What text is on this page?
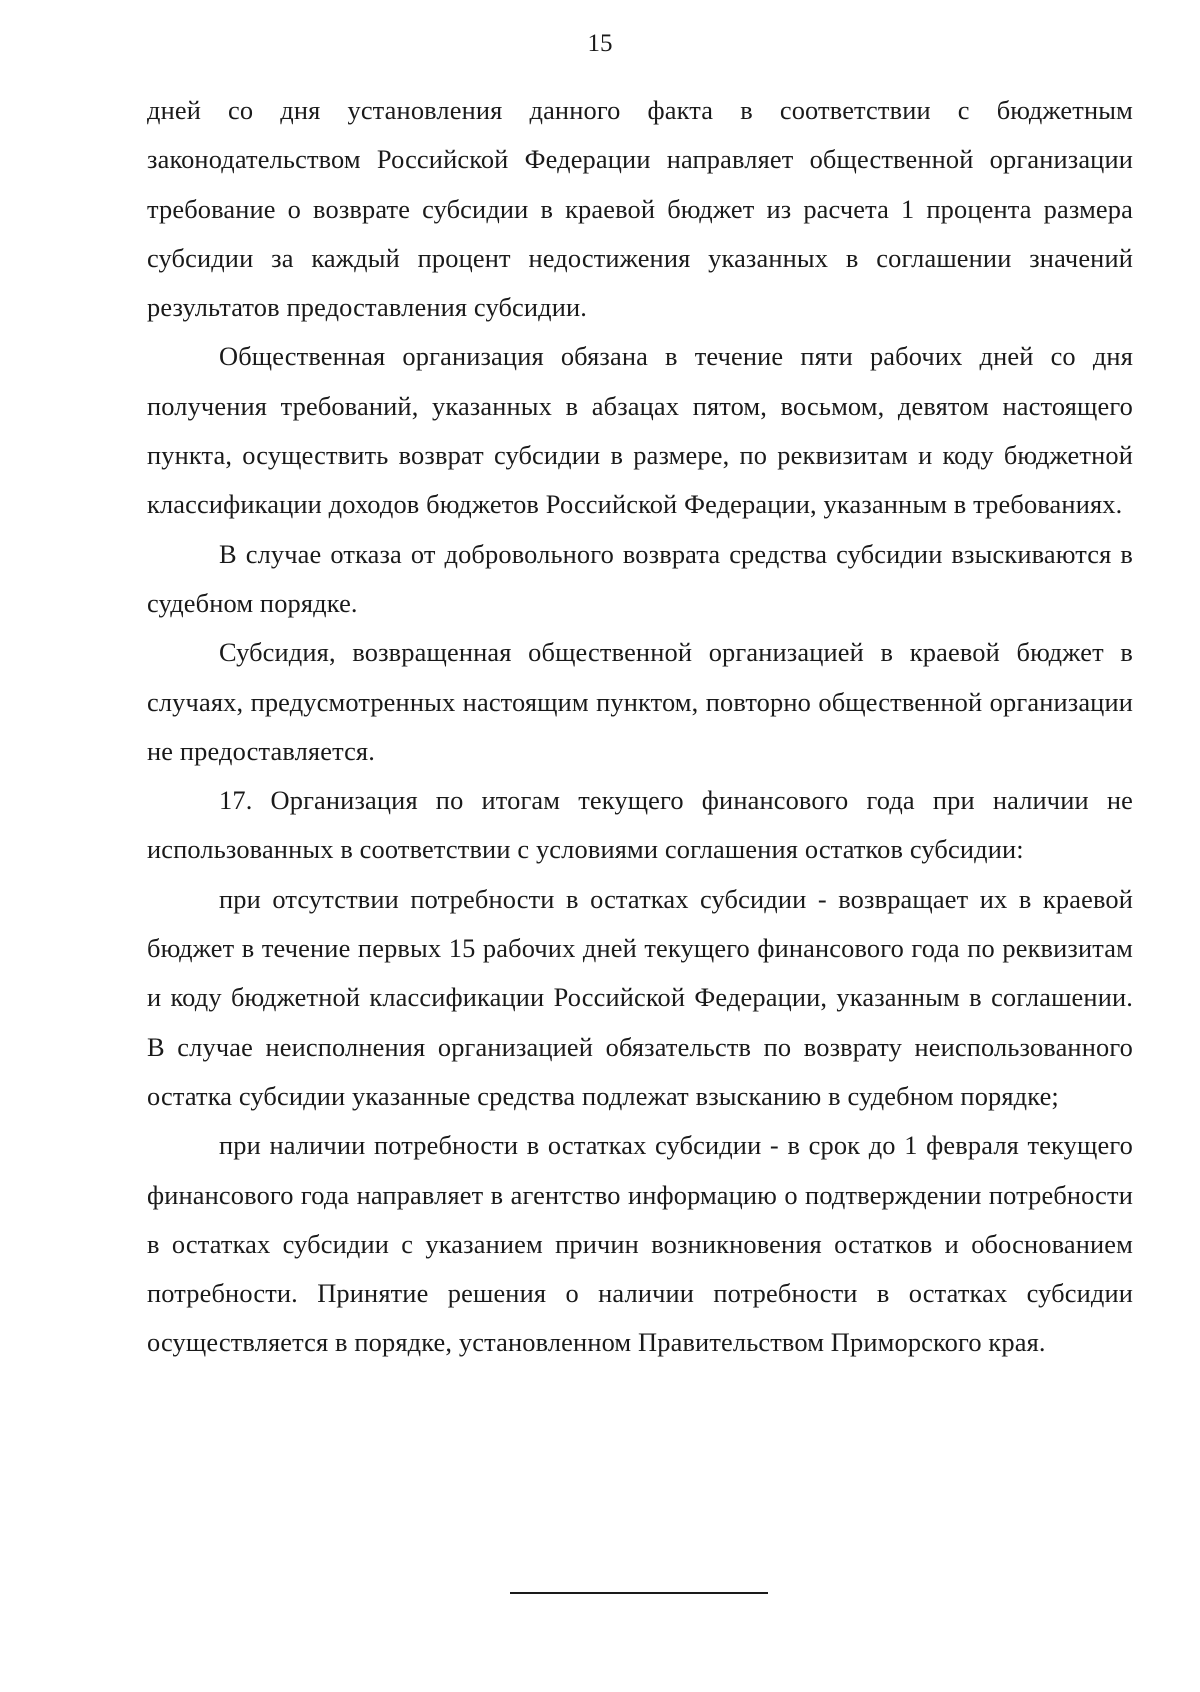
15

дней со дня установления данного факта в соответствии с бюджетным законодательством Российской Федерации направляет общественной организации требование о возврате субсидии в краевой бюджет из расчета 1 процента размера субсидии за каждый процент недостижения указанных в соглашении значений результатов предоставления субсидии.

Общественная организация обязана в течение пяти рабочих дней со дня получения требований, указанных в абзацах пятом, восьмом, девятом настоящего пункта, осуществить возврат субсидии в размере, по реквизитам и коду бюджетной классификации доходов бюджетов Российской Федерации, указанным в требованиях.

В случае отказа от добровольного возврата средства субсидии взыскиваются в судебном порядке.

Субсидия, возвращенная общественной организацией в краевой бюджет в случаях, предусмотренных настоящим пунктом, повторно общественной организации не предоставляется.

17. Организация по итогам текущего финансового года при наличии не использованных в соответствии с условиями соглашения остатков субсидии:

при отсутствии потребности в остатках субсидии - возвращает их в краевой бюджет в течение первых 15 рабочих дней текущего финансового года по реквизитам и коду бюджетной классификации Российской Федерации, указанным в соглашении. В случае неисполнения организацией обязательств по возврату неиспользованного остатка субсидии указанные средства подлежат взысканию в судебном порядке;

при наличии потребности в остатках субсидии - в срок до 1 февраля текущего финансового года направляет в агентство информацию о подтверждении потребности в остатках субсидии с указанием причин возникновения остатков и обоснованием потребности. Принятие решения о наличии потребности в остатках субсидии осуществляется в порядке, установленном Правительством Приморского края.
